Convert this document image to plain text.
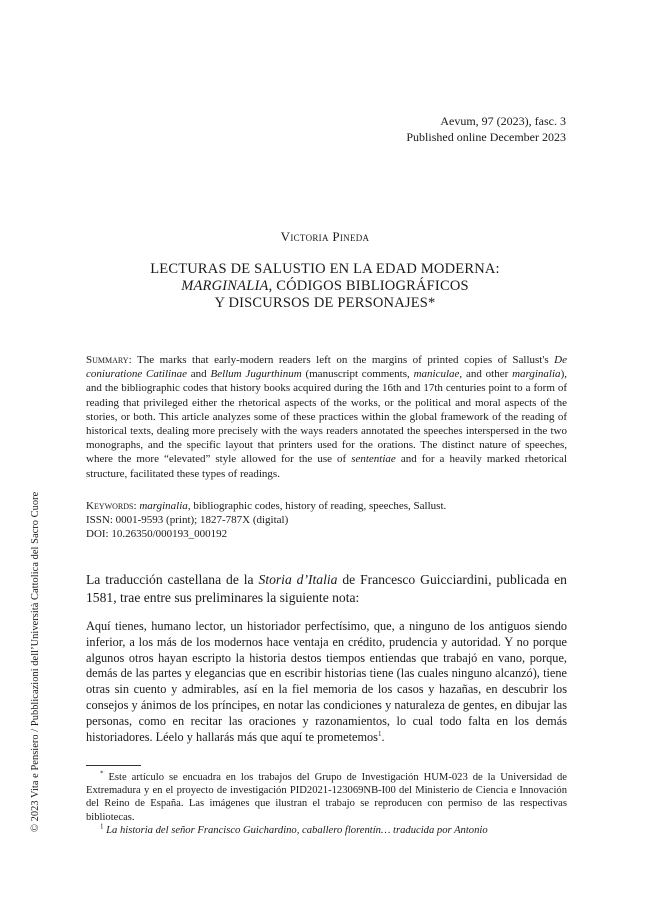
Aevum, 97 (2023), fasc. 3
Published online December 2023
Victoria Pineda
LECTURAS DE SALUSTIO EN LA EDAD MODERNA:
MARGINALIA, CÓDIGOS BIBLIOGRÁFICOS
Y DISCURSOS DE PERSONAJES*
Summary: The marks that early-modern readers left on the margins of printed copies of Sallust's De coniuratione Catilinae and Bellum Jugurthinum (manuscript comments, maniculae, and other marginalia), and the bibliographic codes that history books acquired during the 16th and 17th centuries point to a form of reading that privileged either the rhetorical aspects of the works, or the political and moral aspects of the stories, or both. This article analyzes some of these practices within the global framework of the reading of historical texts, dealing more precisely with the ways readers annotated the speeches interspersed in the two monographs, and the specific layout that printers used for the orations. The distinct nature of speeches, where the more “elevated” style allowed for the use of sententiae and for a heavily marked rhetorical structure, facilitated these types of readings.
Keywords: marginalia, bibliographic codes, history of reading, speeches, Sallust.
ISSN: 0001-9593 (print); 1827-787X (digital)
DOI: 10.26350/000193_000192
La traducción castellana de la Storia d’Italia de Francesco Guicciardini, publicada en 1581, trae entre sus preliminares la siguiente nota:
Aquí tienes, humano lector, un historiador perfectísimo, que, a ninguno de los antiguos siendo inferior, a los más de los modernos hace ventaja en crédito, prudencia y autoridad. Y no porque algunos otros hayan escripto la historia destos tiempos entiendas que trabajó en vano, porque, demás de las partes y elegancias que en escribir historias tiene (las cuales ninguno alcanzó), tiene otras sin cuento y admirables, así en la fiel memoria de los casos y hazañas, en descubrir los consejos y ánimos de los príncipes, en notar las condiciones y naturaleza de gentes, en dibujar las personas, como en recitar las oraciones y razonamientos, lo cual todo falta en los demás historiadores. Léelo y hallarás más que aquí te prometemos$^1$.

* Este artículo se encuadra en los trabajos del Grupo de Investigación HUM-023 de la Universidad de Extremadura y en el proyecto de investigación PID2021-123069NB-I00 del Ministerio de Ciencia e Innovación del Reino de España. Las imágenes que ilustran el trabajo se reproducen con permiso de las respectivas bibliotecas.

$^1$ La historia del señor Francisco Guichardino, caballero florentín… traducida por Antonio

© 2023 Vita e Pensiero / Pubblicazioni dell’Università Cattolica del Sacro Cuore
